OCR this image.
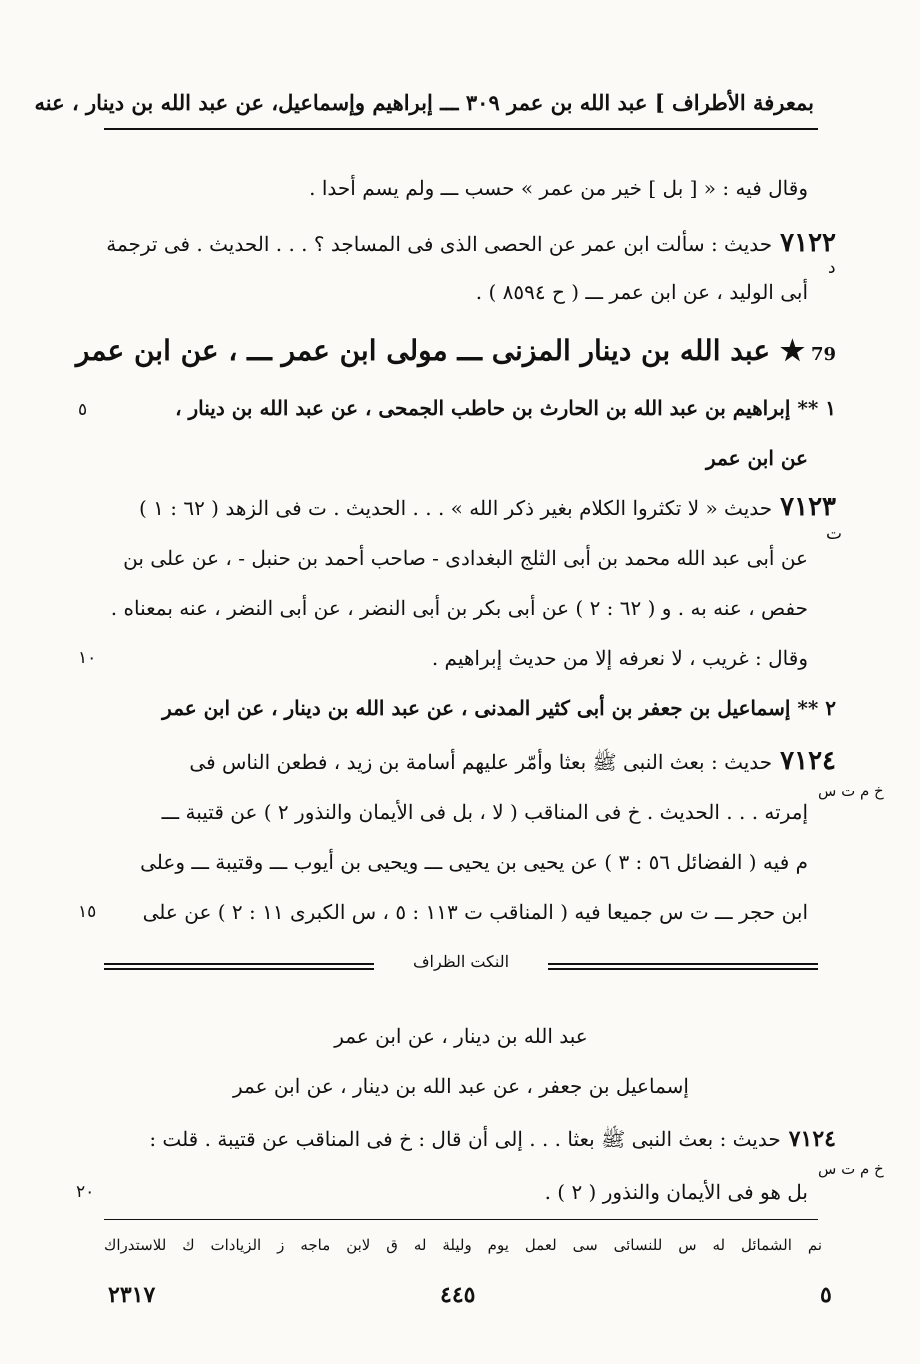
بمعرفة الأطراف ] عبد الله بن عمر ٣٠٩ ـــ إبراهيم وإسماعيل، عن عبد الله بن دينار ، عنه
وقال فيه : « [ بل ] خير من عمر » حسب ـــ ولم يسم أحدا .
٧١٢٢حديث : سألت ابن عمر عن الحصى الذى فى المساجد ؟ . . . الحديث . فى ترجمة
د
أبى الوليد ، عن ابن عمر ـــ ( ح ٨٥٩٤ ) .
79★ عبد الله بن دينار المزنى ـــ مولى ابن عمر ـــ ، عن ابن عمر
١ ** إبراهيم بن عبد الله بن الحارث بن حاطب الجمحى ، عن عبد الله بن دينار ،
٥
عن ابن عمر
٧١٢٣حديث « لا تكثروا الكلام بغير ذكر الله » . . . الحديث . ت فى الزهد ( ٦٢ : ١ )
ت
عن أبى عبد الله محمد بن أبى الثلج البغدادى - صاحب أحمد بن حنبل - ، عن على بن
حفص ، عنه به . و ( ٦٢ : ٢ ) عن أبى بكر بن أبى النضر ، عن أبى النضر ، عنه بمعناه .
وقال : غريب ، لا نعرفه إلا من حديث إبراهيم .
١٠
٢ ** إسماعيل بن جعفر بن أبى كثير المدنى ، عن عبد الله بن دينار ، عن ابن عمر
٧١٢٤حديث : بعث النبى ﷺ بعثا وأمّر عليهم أسامة بن زيد ، فطعن الناس فى
خ م ت س
إمرته . . . الحديث . خ فى المناقب ( لا ، بل فى الأيمان والنذور ٢ ) عن قتيبة ـــ
م فيه ( الفضائل ٥٦ : ٣ ) عن يحيى بن يحيى ـــ ويحيى بن أيوب ـــ وقتيبة ـــ وعلى
ابن حجر ـــ ت س جميعا فيه ( المناقب ت ١١٣ : ٥ ، س الكبرى ١١ : ٢ ) عن على
١٥
النكت الظراف
عبد الله بن دينار ، عن ابن عمر
إسماعيل بن جعفر ، عن عبد الله بن دينار ، عن ابن عمر
٧١٢٤حديث : بعث النبى ﷺ بعثا . . . إلى أن قال : خ فى المناقب عن قتيبة . قلت :
خ م ت س
بل هو فى الأيمان والنذور ( ٢ ) .
٢٠
نم الشمائل له س للنسائى سى لعمل يوم وليلة له ق لابن ماجه ز الزيادات ك للاستدراك
٢٣١٧	٤٤٥	٥
